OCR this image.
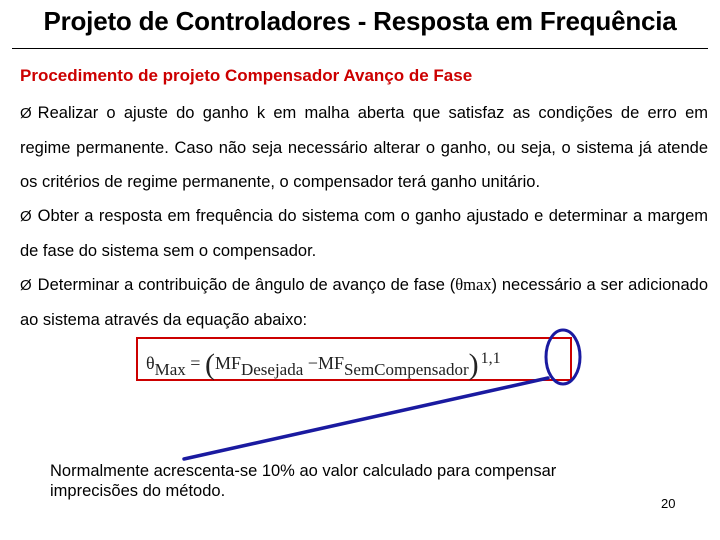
Projeto de Controladores - Resposta em Frequência
Procedimento de projeto Compensador Avanço de Fase

Ø Realizar o ajuste do ganho k em malha aberta que satisfaz as condições de erro em regime permanente. Caso não seja necessário alterar o ganho, ou seja, o sistema já atende os critérios de regime permanente, o compensador terá ganho unitário.

Ø Obter a resposta em frequência do sistema com o ganho ajustado e determinar a margem de fase do sistema sem o compensador.

Ø Determinar a contribuição de ângulo de avanço de fase (θmax) necessário a ser adicionado ao sistema através da equação abaixo:

θMax = (MFDesejada −MFSemCompensador) 1,1
Normalmente acrescenta-se 10% ao valor calculado para compensar imprecisões do método.
20
